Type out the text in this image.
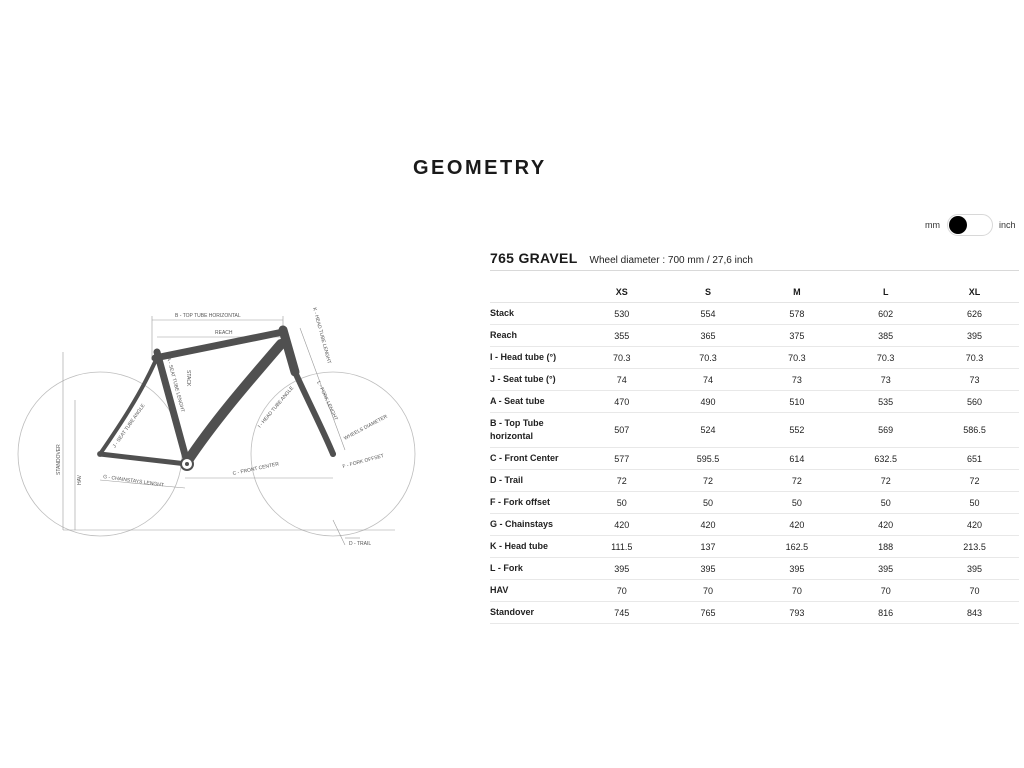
GEOMETRY
mm	inch
765 GRAVEL Wheel diameter : 700 mm / 27,6 inch
	XS	S	M	L	XL
Stack	530	554	578	602	626
Reach	355	365	375	385	395
I - Head tube (°)	70.3	70.3	70.3	70.3	70.3
J - Seat tube (°)	74	74	73	73	73
A - Seat tube	470	490	510	535	560
B - Top Tube horizontal	507	524	552	569	586.5
C - Front Center	577	595.5	614	632.5	651
D - Trail	72	72	72	72	72
F - Fork offset	50	50	50	50	50
G - Chainstays	420	420	420	420	420
K - Head tube	111.5	137	162.5	188	213.5
L - Fork	395	395	395	395	395
HAV	70	70	70	70	70
Standover	745	765	793	816	843
B - TOP TUBE HORIZONTAL
REACH
STACK
A - SEAT TUBE LENGHT
J - SEAT TUBE ANGLE
K - HEAD TUBE LENGHT
I - HEAD TUBE ANGLE	L - FORK LENGHT
WHEELS DIAMETER
F - FORK OFFSET
C - FRONT CENTER
G - CHAINSTAYS LENGHT
STANDOVER
HAV
D - TRAIL
